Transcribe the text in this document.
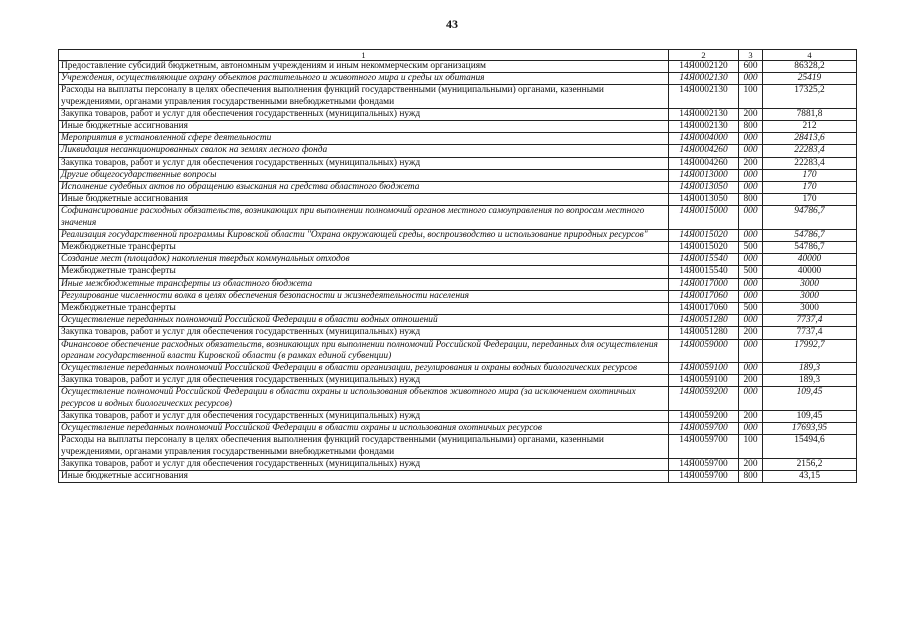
43
1	2	3	4
Предоставление субсидий бюджетным, автономным учреждениям и иным некоммерческим организациям	14Я0002120	600	86328,2
Учреждения, осуществляющие охрану объектов растительного и животного мира и среды их обитания	14Я0002130	000	25419
Расходы на выплаты персоналу в целях обеспечения выполнения функций государственными (муниципальными) органами, казенными учреждениями, органами управления государственными внебюджетными фондами	14Я0002130	100	17325,2
Закупка товаров, работ и услуг для обеспечения государственных (муниципальных) нужд	14Я0002130	200	7881,8
Иные бюджетные ассигнования	14Я0002130	800	212
Мероприятия в установленной сфере деятельности	14Я0004000	000	28413,6
Ликвидация несанкционированных свалок на землях лесного фонда	14Я0004260	000	22283,4
Закупка товаров, работ и услуг для обеспечения государственных (муниципальных) нужд	14Я0004260	200	22283,4
Другие общегосударственные вопросы	14Я0013000	000	170
Исполнение судебных актов по обращению взыскания на средства областного бюджета	14Я0013050	000	170
Иные бюджетные ассигнования	14Я0013050	800	170
Софинансирование расходных обязательств, возникающих при выполнении полномочий органов местного самоуправления по вопросам местного значения	14Я0015000	000	94786,7
Реализация государственной программы Кировской области "Охрана окружающей среды, воспроизводство и использование природных ресурсов"	14Я0015020	000	54786,7
Межбюджетные трансферты	14Я0015020	500	54786,7
Создание мест (площадок) накопления твердых коммунальных отходов	14Я0015540	000	40000
Межбюджетные трансферты	14Я0015540	500	40000
Иные межбюджетные трансферты из областного бюджета	14Я0017000	000	3000
Регулирование численности волка в целях обеспечения безопасности и жизнедеятельности населения	14Я0017060	000	3000
Межбюджетные трансферты	14Я0017060	500	3000
Осуществление переданных полномочий Российской Федерации в области водных отношений	14Я0051280	000	7737,4
Закупка товаров, работ и услуг для обеспечения государственных (муниципальных) нужд	14Я0051280	200	7737,4
Финансовое обеспечение расходных обязательств, возникающих при выполнении полномочий Российской Федерации, переданных для осуществления органам государственной власти Кировской области (в рамках единой субвенции)	14Я0059000	000	17992,7
Осуществление переданных полномочий Российской Федерации в области организации, регулирования и охраны водных биологических ресурсов	14Я0059100	000	189,3
Закупка товаров, работ и услуг для обеспечения государственных (муниципальных) нужд	14Я0059100	200	189,3
Осуществление полномочий Российской Федерации в области охраны и использования объектов животного мира (за исключением охотничьих ресурсов и водных биологических ресурсов)	14Я0059200	000	109,45
Закупка товаров, работ и услуг для обеспечения государственных (муниципальных) нужд	14Я0059200	200	109,45
Осуществление переданных полномочий Российской Федерации в области охраны и использования охотничьих ресурсов	14Я0059700	000	17693,95
Расходы на выплаты персоналу в целях обеспечения выполнения функций государственными (муниципальными) органами, казенными учреждениями, органами управления государственными внебюджетными фондами	14Я0059700	100	15494,6
Закупка товаров, работ и услуг для обеспечения государственных (муниципальных) нужд	14Я0059700	200	2156,2
Иные бюджетные ассигнования	14Я0059700	800	43,15
